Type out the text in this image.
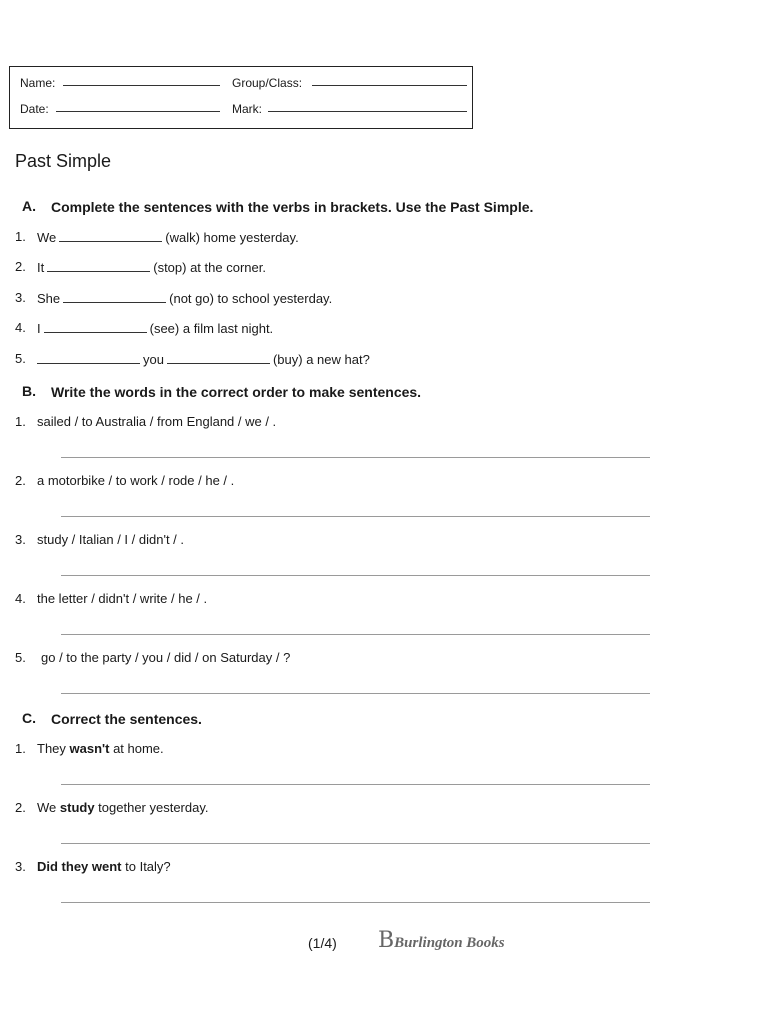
Name:	Group/Class:
Date:	Mark:
Past Simple
A. Complete the sentences with the verbs in brackets. Use the Past Simple.
1. We	(walk) home yesterday.
2. It	(stop) at the corner.
3. She	(not go) to school yesterday.
4. I	(see) a film last night.
5.	you	(buy) a new hat?
B. Write the words in the correct order to make sentences.
1. sailed / to Australia / from England / we / .
2. a motorbike / to work / rode / he / .
3. study / Italian / I / didn't / .
4. the letter / didn't / write / he / .
5. go / to the party / you / did / on Saturday / ?
C. Correct the sentences.
1. They wasn't at home.
2. We study together yesterday.
3. Did they went to Italy?
(1/4) BBurlington Books
